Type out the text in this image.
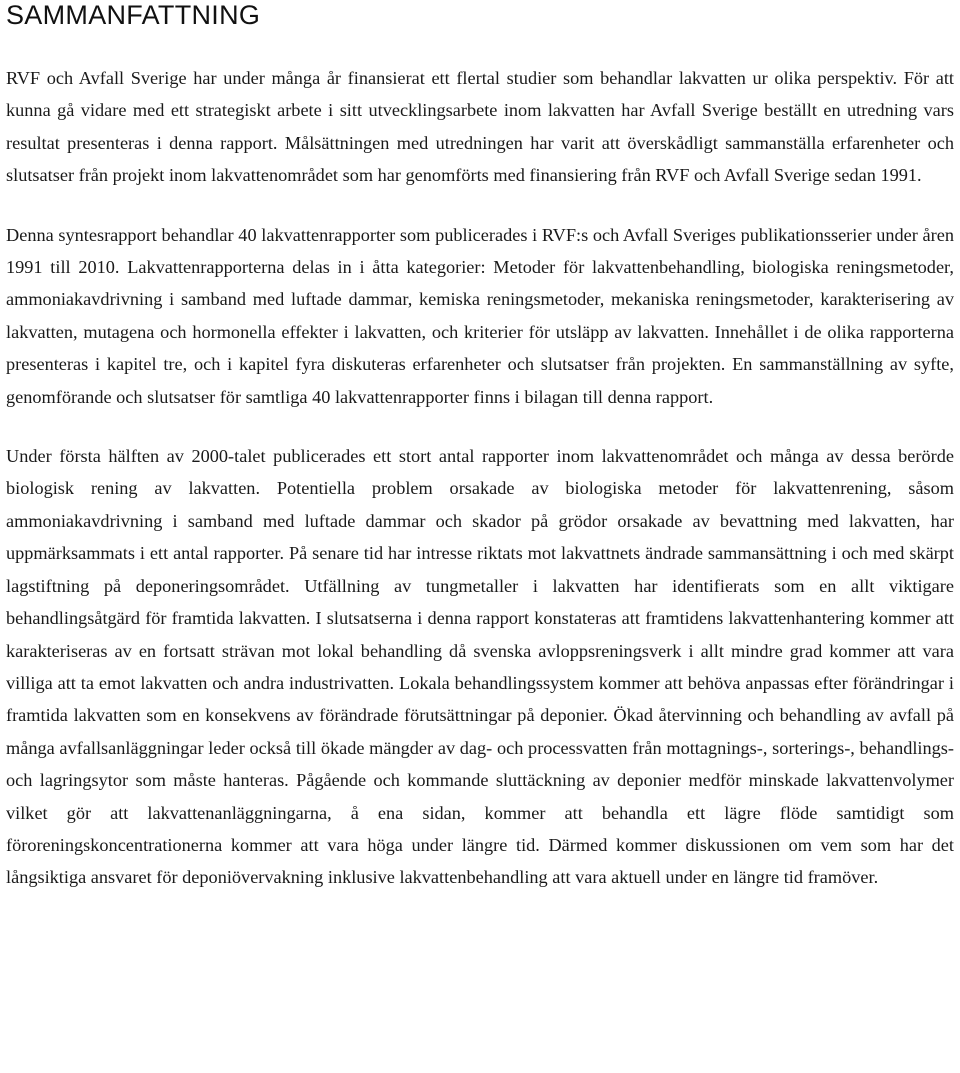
SAMMANFATTNING

RVF och Avfall Sverige har under många år finansierat ett flertal studier som behandlar lakvatten ur olika perspektiv. För att kunna gå vidare med ett strategiskt arbete i sitt utvecklingsarbete inom lakvatten har Avfall Sverige beställt en utredning vars resultat presenteras i denna rapport. Målsättningen med utredningen har varit att överskådligt sammanställa erfarenheter och slutsatser från projekt inom lakvattenområdet som har genomförts med finansiering från RVF och Avfall Sverige sedan 1991.

Denna syntesrapport behandlar 40 lakvattenrapporter som publicerades i RVF:s och Avfall Sveriges publikationsserier under åren 1991 till 2010. Lakvattenrapporterna delas in i åtta kategorier: Metoder för lakvattenbehandling, biologiska reningsmetoder, ammoniakavdrivning i samband med luftade dammar, kemiska reningsmetoder, mekaniska reningsmetoder, karakterisering av lakvatten, mutagena och hormonella effekter i lakvatten, och kriterier för utsläpp av lakvatten. Innehållet i de olika rapporterna presenteras i kapitel tre, och i kapitel fyra diskuteras erfarenheter och slutsatser från projekten. En sammanställning av syfte, genomförande och slutsatser för samtliga 40 lakvattenrapporter finns i bilagan till denna rapport.

Under första hälften av 2000-talet publicerades ett stort antal rapporter inom lakvattenområdet och många av dessa berörde biologisk rening av lakvatten. Potentiella problem orsakade av biologiska metoder för lakvattenrening, såsom ammoniakavdrivning i samband med luftade dammar och skador på grödor orsakade av bevattning med lakvatten, har uppmärksammats i ett antal rapporter. På senare tid har intresse riktats mot lakvattnets ändrade sammansättning i och med skärpt lagstiftning på deponeringsområdet. Utfällning av tungmetaller i lakvatten har identifierats som en allt viktigare behandlingsåtgärd för framtida lakvatten. I slutsatserna i denna rapport konstateras att framtidens lakvattenhantering kommer att karakteriseras av en fortsatt strävan mot lokal behandling då svenska avloppsreningsverk i allt mindre grad kommer att vara villiga att ta emot lakvatten och andra industrivatten. Lokala behandlingssystem kommer att behöva anpassas efter förändringar i framtida lakvatten som en konsekvens av förändrade förutsättningar på deponier. Ökad återvinning och behandling av avfall på många avfallsanläggningar leder också till ökade mängder av dag- och processvatten från mottagnings-, sorterings-, behandlings- och lagringsytor som måste hanteras. Pågående och kommande sluttäckning av deponier medför minskade lakvattenvolymer vilket gör att lakvattenanläggningarna, å ena sidan, kommer att behandla ett lägre flöde samtidigt som föroreningskoncentrationerna kommer att vara höga under längre tid. Därmed kommer diskussionen om vem som har det långsiktiga ansvaret för deponiövervakning inklusive lakvattenbehandling att vara aktuell under en längre tid framöver.
